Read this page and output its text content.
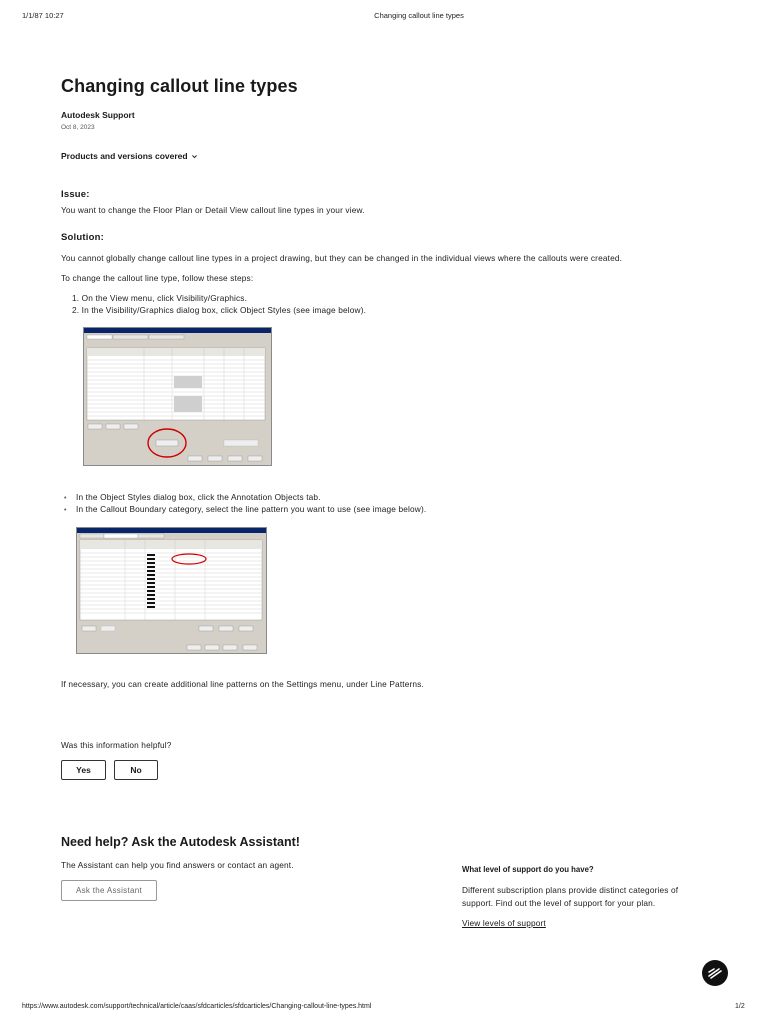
1/1/87 10:27	Changing callout line types
Changing callout line types
Autodesk Support
Oct 8, 2023
Products and versions covered
Issue:
You want to change the Floor Plan or Detail View callout line types in your view.
Solution:
You cannot globally change callout line types in a project drawing, but they can be changed in the individual views where the callouts were created.
To change the callout line type, follow these steps:
1. On the View menu, click Visibility/Graphics.
2. In the Visibility/Graphics dialog box, click Object Styles (see image below).
• In the Object Styles dialog box, click the Annotation Objects tab.
• In the Callout Boundary category, select the line pattern you want to use (see image below).
If necessary, you can create additional line patterns on the Settings menu, under Line Patterns.
Was this information helpful?
Yes	No
Need help? Ask the Autodesk Assistant!
The Assistant can help you find answers or contact an agent.
Ask the Assistant
What level of support do you have?
Different subscription plans provide distinct categories of
support. Find out the level of support for your plan.
View levels of support
https://www.autodesk.com/support/technical/article/caas/sfdcarticles/sfdcarticles/Changing-callout-line-types.html	1/2
